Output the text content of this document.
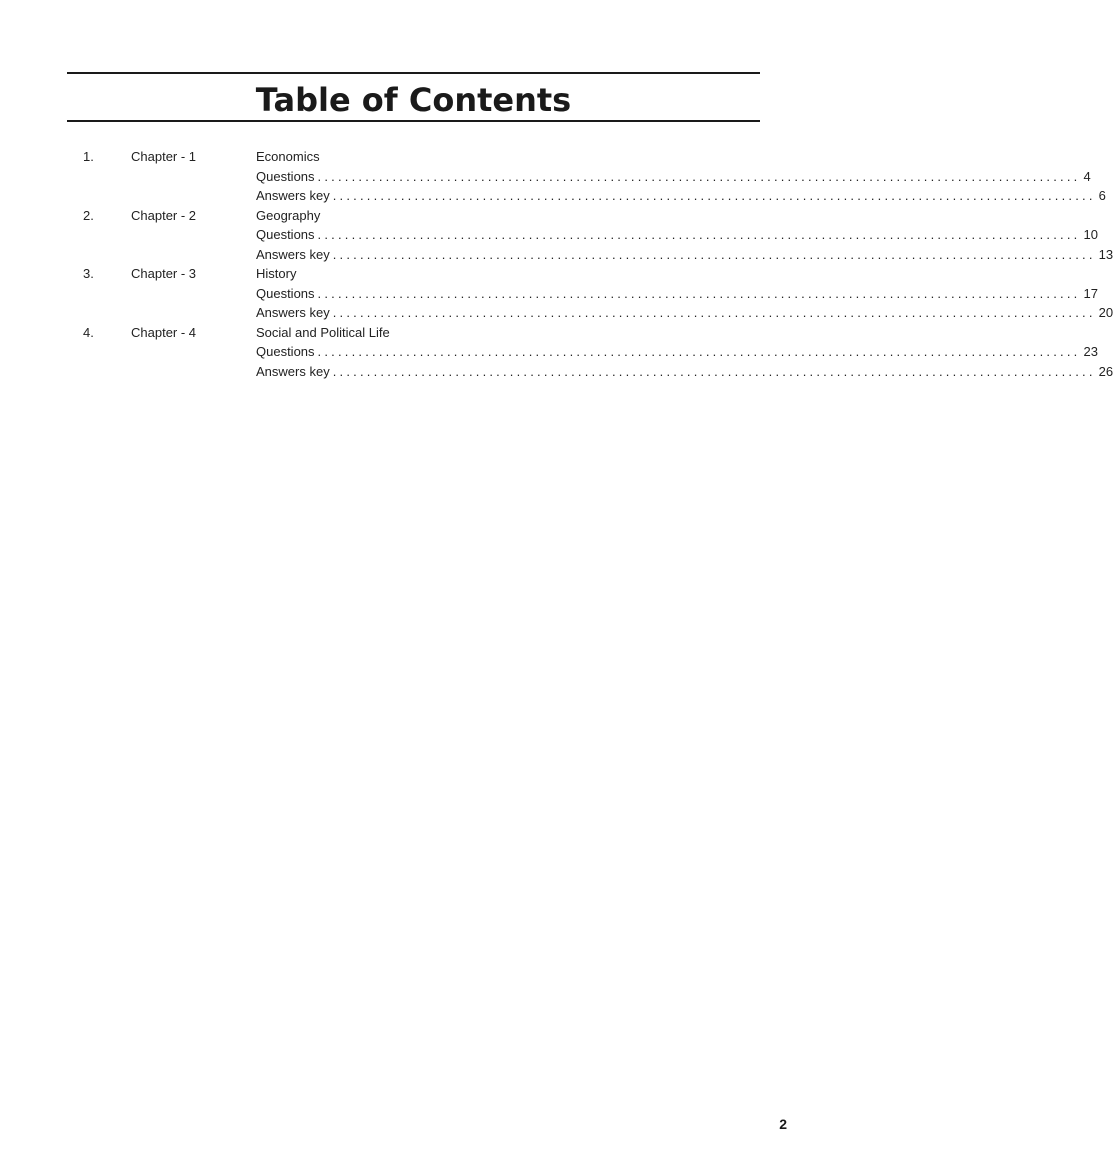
Table of Contents
1.	Chapter - 1	Economics
Questions ................................................................................................................ 4
Answers key ................................................................................................................ 6
2.	Chapter - 2	Geography
Questions ................................................................................................................ 10
Answers key ................................................................................................................ 13
3.	Chapter - 3	History
Questions ................................................................................................................ 17
Answers key ................................................................................................................ 20
4.	Chapter - 4	Social and Political Life
Questions ................................................................................................................ 23
Answers key ................................................................................................................ 26
2
